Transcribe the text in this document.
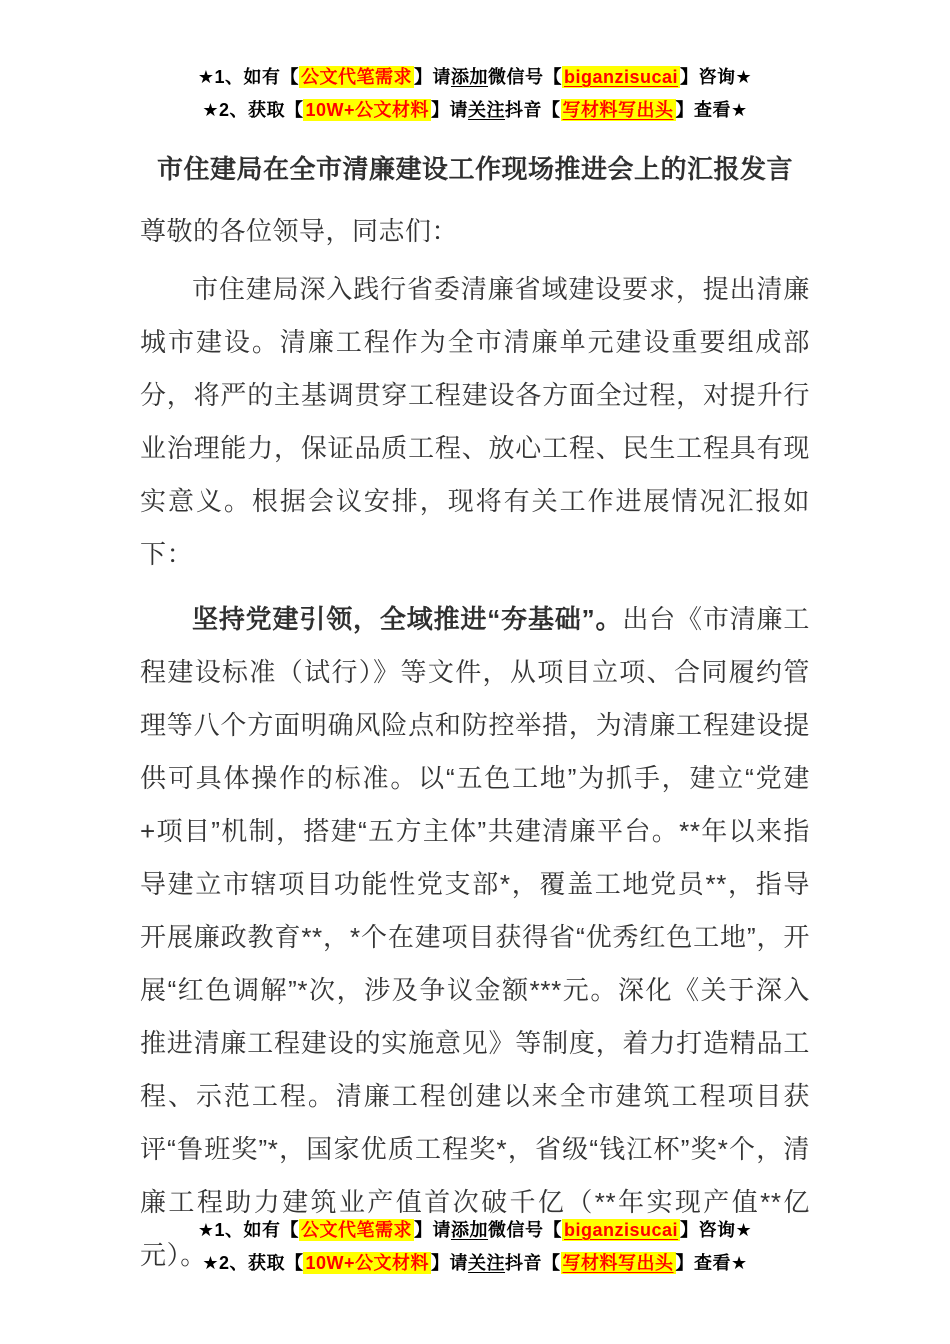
★1、如有【 公文代笔需求 】请添加微信号【 biganzisucai 】咨询★
★2、获取【 10W+公文材料 】请关注抖音【 写材料写出头 】查看★
市住建局在全市清廉建设工作现场推进会上的汇报发言
尊敬的各位领导，同志们：
市住建局深入践行省委清廉省域建设要求，提出清廉城市建设。清廉工程作为全市清廉单元建设重要组成部分，将严的主基调贯穿工程建设各方面全过程，对提升行业治理能力，保证品质工程、放心工程、民生工程具有现实意义。根据会议安排，现将有关工作进展情况汇报如下：
坚持党建引领，全域推进“夯基础”。出台《市清廉工程建设标准（试行）》等文件，从项目立项、合同履约管理等八个方面明确风险点和防控举措，为清廉工程建设提供可具体操作的标准。以“五色工地”为抓手，建立“党建+项目”机制，搭建“五方主体”共建清廉平台。**年以来指导建立市辖项目功能性党支部*，覆盖工地党员**，指导开展廉政教育**，*个在建项目获得省“优秀红色工地”，开展“红色调解”*次，涉及争议金额***元。深化《关于深入推进清廉工程建设的实施意见》等制度，着力打造精品工程、示范工程。清廉工程创建以来全市建筑工程项目获评“鲁班奖”*，国家优质工程奖*，省级“钱江杯”奖*个，清廉工程助力建筑业产值首次破千亿（**年实现产值**亿元）。
★1、如有【 公文代笔需求 】请添加微信号【 biganzisucai 】咨询★
★2、获取【 10W+公文材料 】请关注抖音【 写材料写出头 】查看★
